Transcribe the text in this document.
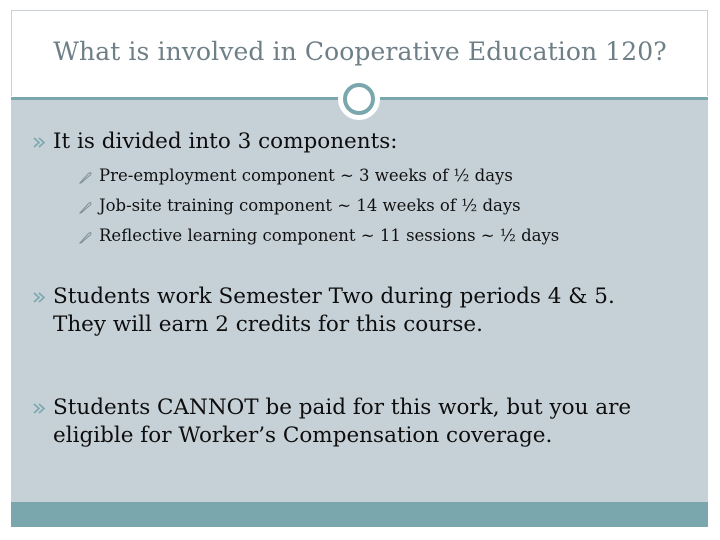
What is involved in Cooperative Education 120?
It is divided into 3 components:
Pre-employment component ~ 3 weeks of ½ days
Job-site training component ~ 14 weeks of ½ days
Reflective learning component ~ 11 sessions ~ ½ days
Students work Semester Two during periods 4 & 5.
They will earn 2 credits for this course.
Students CANNOT be paid for this work, but you are
eligible for Worker’s Compensation coverage.
